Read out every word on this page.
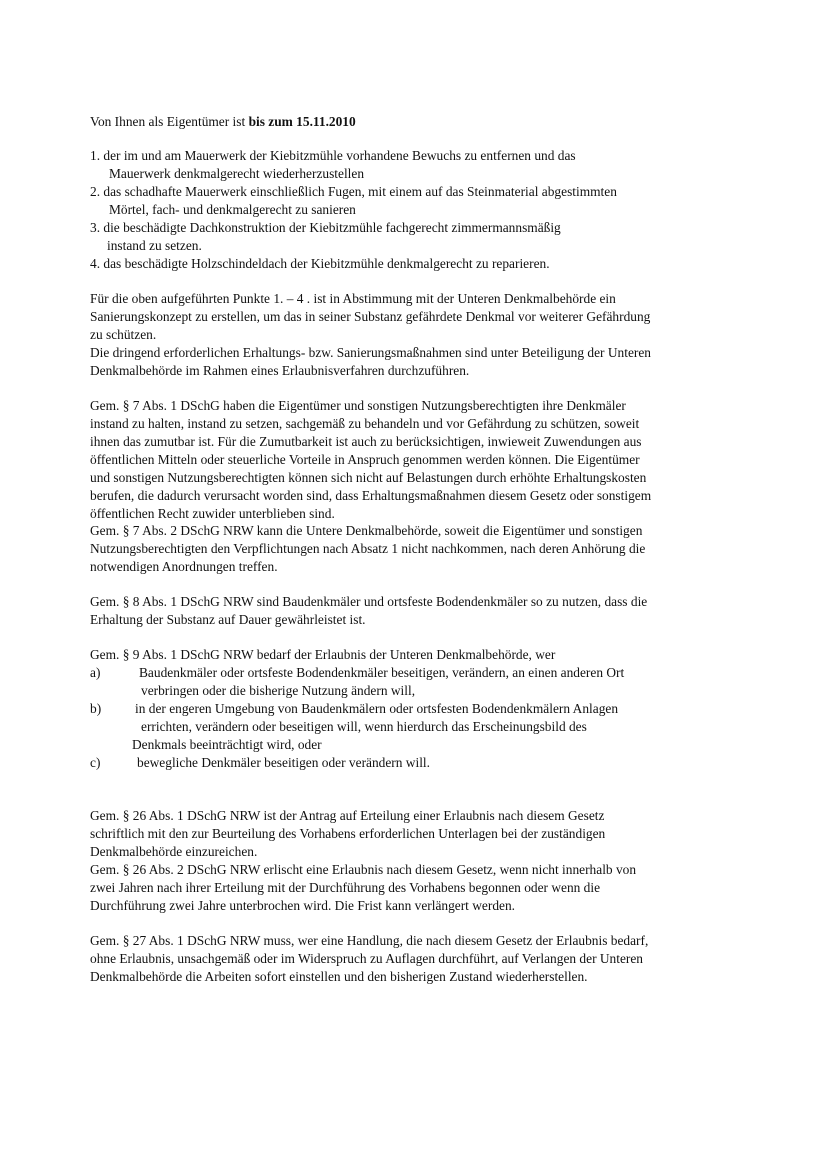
Von Ihnen als Eigentümer ist bis zum 15.11.2010
1. der im und am Mauerwerk der Kiebitzmühle vorhandene Bewuchs zu entfernen und das
Mauerwerk denkmalgerecht wiederherzustellen
2. das schadhafte Mauerwerk einschließlich Fugen, mit einem auf das Steinmaterial abgestimmten
Mörtel, fach- und denkmalgerecht zu sanieren
3. die beschädigte Dachkonstruktion der Kiebitzmühle fachgerecht zimmermannsmäßig
instand zu setzen.
4. das beschädigte Holzschindeldach der Kiebitzmühle denkmalgerecht zu reparieren.
Für die oben aufgeführten Punkte 1. – 4 . ist in Abstimmung mit der Unteren Denkmalbehörde ein
Sanierungskonzept zu erstellen, um das in seiner Substanz gefährdete Denkmal vor weiterer Gefährdung
zu schützen.
Die dringend erforderlichen Erhaltungs- bzw. Sanierungsmaßnahmen sind unter Beteiligung der Unteren
Denkmalbehörde im Rahmen eines Erlaubnisverfahren durchzuführen.
Gem. § 7 Abs. 1 DSchG haben die Eigentümer und sonstigen Nutzungsberechtigten ihre Denkmäler
instand zu halten, instand zu setzen, sachgemäß zu behandeln und vor Gefährdung zu schützen, soweit
ihnen das zumutbar ist. Für die Zumutbarkeit ist auch zu berücksichtigen, inwieweit Zuwendungen aus
öffentlichen Mitteln oder steuerliche Vorteile in Anspruch genommen werden können. Die Eigentümer
und sonstigen Nutzungsberechtigten können sich nicht auf Belastungen durch erhöhte Erhaltungskosten
berufen, die dadurch verursacht worden sind, dass Erhaltungsmaßnahmen diesem Gesetz oder sonstigem
öffentlichen Recht zuwider unterblieben sind.
Gem. § 7 Abs. 2 DSchG NRW kann die Untere Denkmalbehörde, soweit die Eigentümer und sonstigen
Nutzungsberechtigten den Verpflichtungen nach Absatz 1 nicht nachkommen, nach deren Anhörung die
notwendigen Anordnungen treffen.
Gem. § 8 Abs. 1 DSchG NRW sind Baudenkmäler und ortsfeste Bodendenkmäler so zu nutzen, dass die
Erhaltung der Substanz auf Dauer gewährleistet ist.
Gem. § 9 Abs. 1 DSchG NRW bedarf der Erlaubnis der Unteren Denkmalbehörde, wer
a)	Baudenkmäler oder ortsfeste Bodendenkmäler beseitigen, verändern, an einen anderen Ort
verbringen oder die bisherige Nutzung ändern will,
b)	in der engeren Umgebung von Baudenkmälern oder ortsfesten Bodendenkmälern Anlagen
errichten, verändern oder beseitigen will, wenn hierdurch das Erscheinungsbild des
Denkmals beeinträchtigt wird, oder
c)	bewegliche Denkmäler beseitigen oder verändern will.
Gem. § 26 Abs. 1 DSchG NRW ist der Antrag auf Erteilung einer Erlaubnis nach diesem Gesetz
schriftlich mit den zur Beurteilung des Vorhabens erforderlichen Unterlagen bei der zuständigen
Denkmalbehörde einzureichen.
Gem. § 26 Abs. 2 DSchG NRW erlischt eine Erlaubnis nach diesem Gesetz, wenn nicht innerhalb von
zwei Jahren nach ihrer Erteilung mit der Durchführung des Vorhabens begonnen oder wenn die
Durchführung zwei Jahre unterbrochen wird. Die Frist kann verlängert werden.
Gem. § 27 Abs. 1 DSchG NRW muss, wer eine Handlung, die nach diesem Gesetz der Erlaubnis bedarf,
ohne Erlaubnis, unsachgemäß oder im Widerspruch zu Auflagen durchführt, auf Verlangen der Unteren
Denkmalbehörde die Arbeiten sofort einstellen und den bisherigen Zustand wiederherstellen.
